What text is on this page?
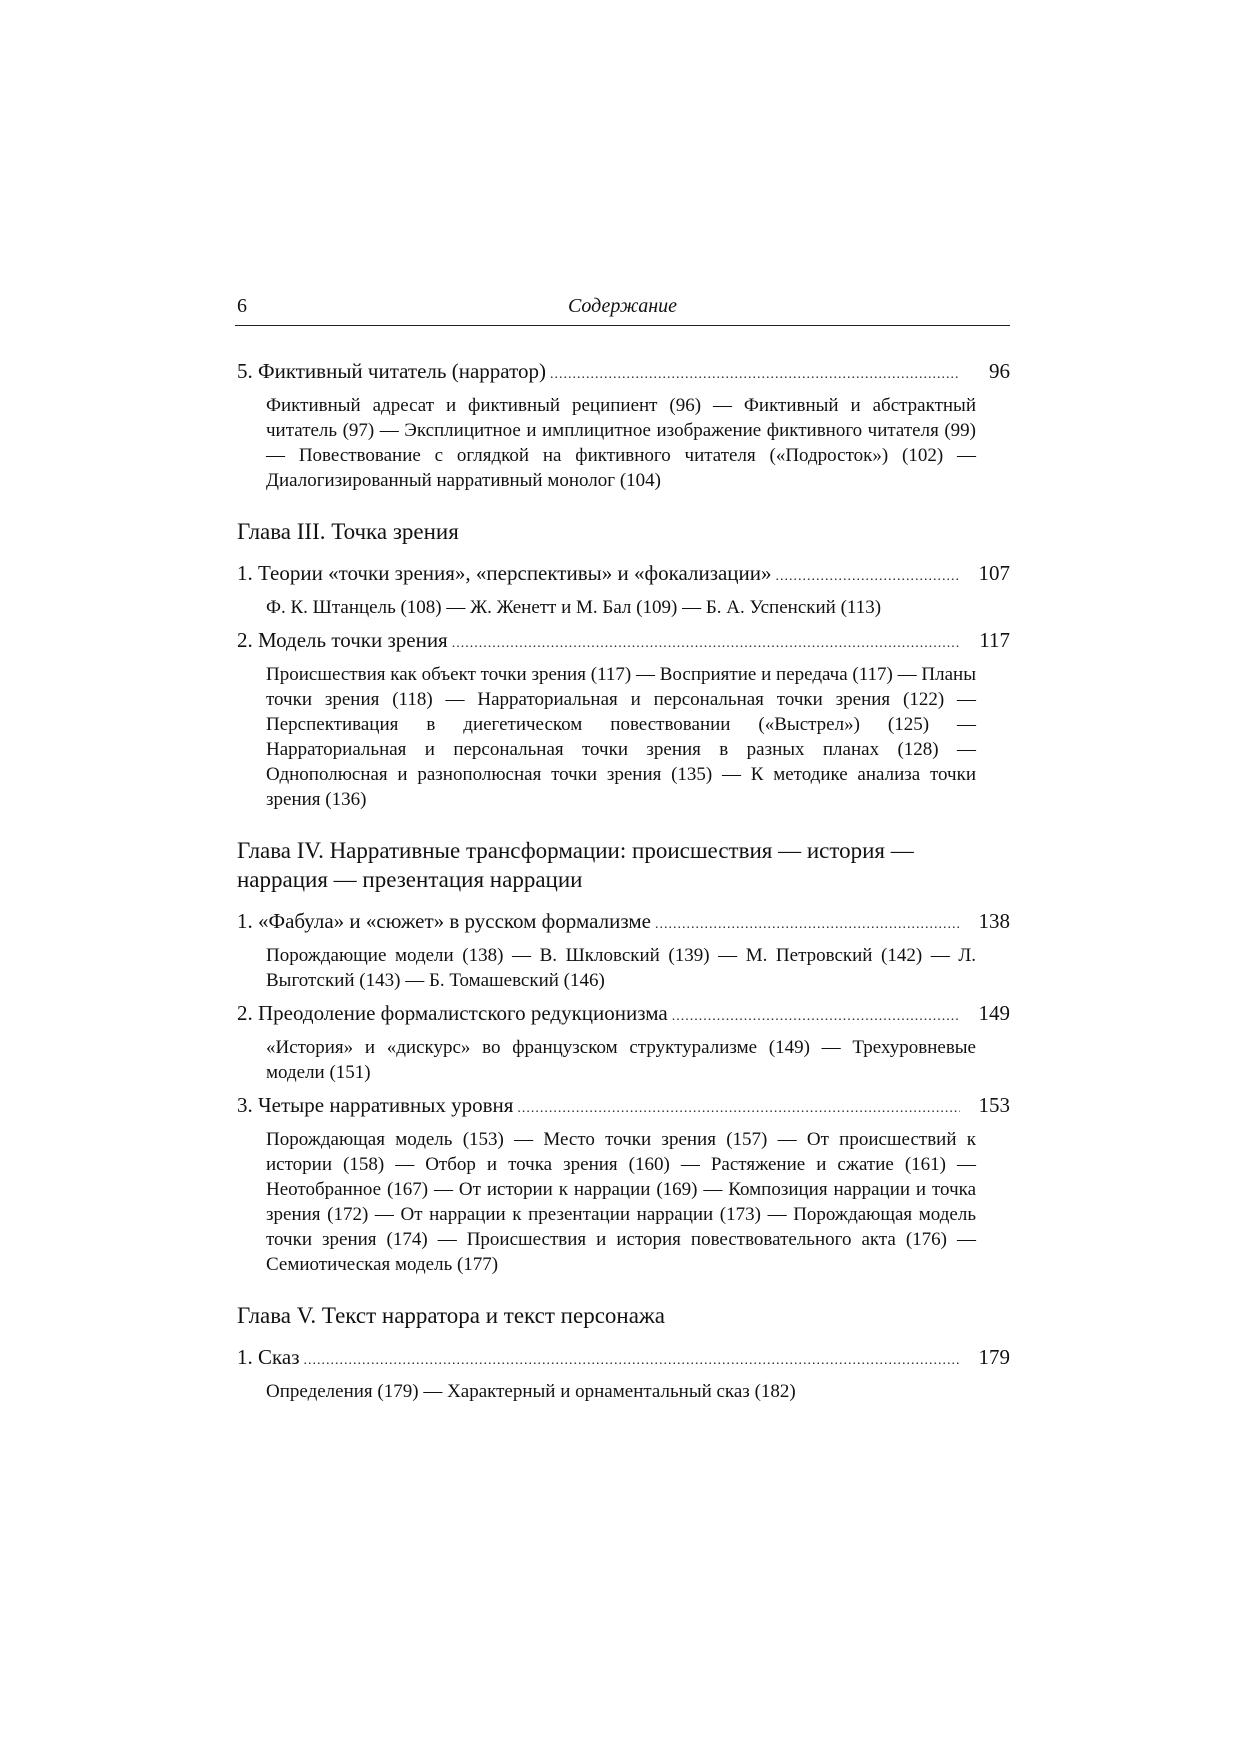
6	Содержание
5. Фиктивный читатель (нарратор) .....	96
Фиктивный адресат и фиктивный реципиент (96) — Фиктивный и абстрактный читатель (97) — Эксплицитное и имплицитное изображение фиктивного читателя (99) — Повествование с оглядкой на фиктивного читателя («Подросток») (102) — Диалогизированный нарративный монолог (104)
Глава III. Точка зрения
1. Теории «точки зрения», «перспективы» и «фокализации» .....	107
Ф. К. Штанцель (108) — Ж. Женетт и М. Бал (109) — Б. А. Успенский (113)
2. Модель точки зрения .....	117
Происшествия как объект точки зрения (117) — Восприятие и передача (117) — Планы точки зрения (118) — Нарраториальная и персональная точки зрения (122) — Перспективация в диегетическом повествовании («Выстрел») (125) — Нарраториальная и персональная точки зрения в разных планах (128) — Однополюсная и разнополюсная точки зрения (135) — К методике анализа точки зрения (136)
Глава IV. Нарративные трансформации: происшествия — история — наррация — презентация наррации
1. «Фабула» и «сюжет» в русском формализме .....	138
Порождающие модели (138) — В. Шкловский (139) — М. Петровский (142) — Л. Выготский (143) — Б. Томашевский (146)
2. Преодоление формалистского редукционизма .....	149
«История» и «дискурс» во французском структурализме (149) — Трехуровневые модели (151)
3. Четыре нарративных уровня .....	153
Порождающая модель (153) — Место точки зрения (157) — От происшествий к истории (158) — Отбор и точка зрения (160) — Растяжение и сжатие (161) — Неотобранное (167) — От истории к наррации (169) — Композиция наррации и точка зрения (172) — От наррации к презентации наррации (173) — Порождающая модель точки зрения (174) — Происшествия и история повествовательного акта (176) — Семиотическая модель (177)
Глава V. Текст нарратора и текст персонажа
1. Сказ .....	179
Определения (179) — Характерный и орнаментальный сказ (182)
